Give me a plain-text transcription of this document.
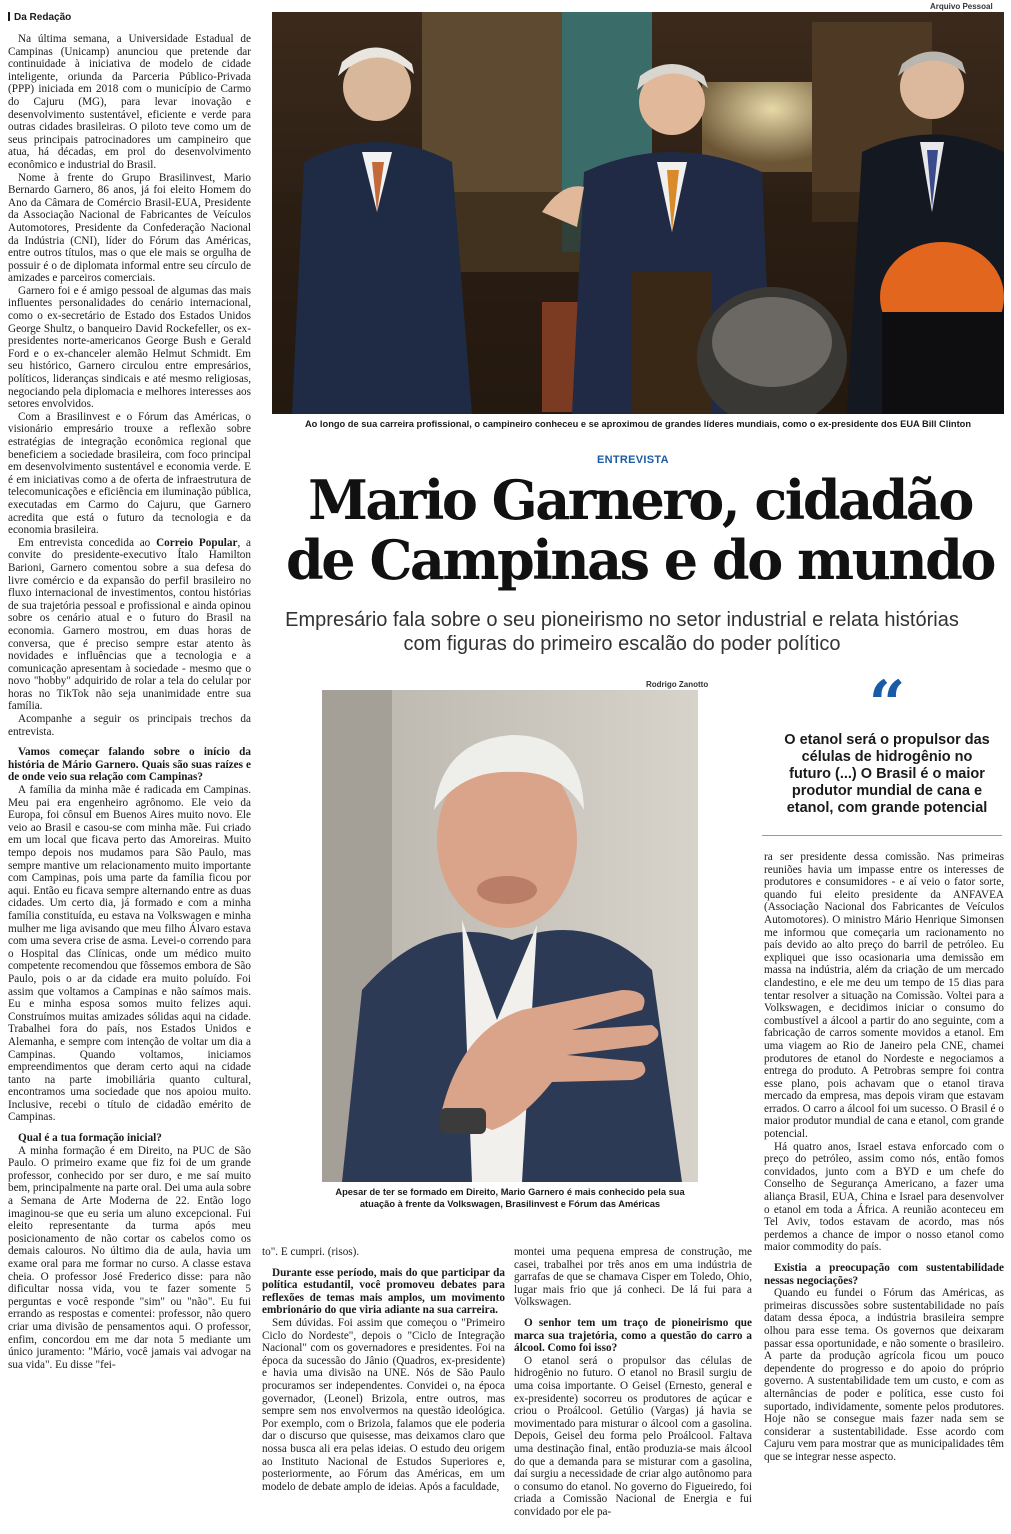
Da Redação
Arquivo Pessoal
Ao longo de sua carreira profissional, o campineiro conheceu e se aproximou de grandes líderes mundiais, como o ex-presidente dos EUA Bill Clinton
ENTREVISTA
Mario Garnero, cidadão de Campinas e do mundo
Empresário fala sobre o seu pioneirismo no setor industrial e relata histórias com figuras do primeiro escalão do poder político
Rodrigo Zanotto
Apesar de ter se formado em Direito, Mario Garnero é mais conhecido pela sua atuação à frente da Volkswagen, Brasilinvest e Fórum das Américas
“
O etanol será o propulsor das células de hidrogênio no futuro (...) O Brasil é o maior produtor mundial de cana e etanol, com grande potencial

Na última semana, a Universidade Estadual de Campinas (Unicamp) anunciou que pretende dar continuidade à iniciativa de modelo de cidade inteligente, oriunda da Parceria Público-Privada (PPP) iniciada em 2018 com o município de Carmo do Cajuru (MG), para levar inovação e desenvolvimento sustentável, eficiente e verde para outras cidades brasileiras. O piloto teve como um de seus principais patrocinadores um campineiro que atua, há décadas, em prol do desenvolvimento econômico e industrial do Brasil.

Nome à frente do Grupo Brasilinvest, Mario Bernardo Garnero, 86 anos, já foi eleito Homem do Ano da Câmara de Comércio Brasil-EUA, Presidente da Associação Nacional de Fabricantes de Veículos Automotores, Presidente da Confederação Nacional da Indústria (CNI), líder do Fórum das Américas, entre outros títulos, mas o que ele mais se orgulha de possuir é o de diplomata informal entre seu círculo de amizades e parceiros comerciais.

Garnero foi e é amigo pessoal de algumas das mais influentes personalidades do cenário internacional, como o ex-secretário de Estado dos Estados Unidos George Shultz, o banqueiro David Rockefeller, os ex-presidentes norte-americanos George Bush e Gerald Ford e o ex-chanceler alemão Helmut Schmidt. Em seu histórico, Garnero circulou entre empresários, políticos, lideranças sindicais e até mesmo religiosas, negociando pela diplomacia e melhores interesses aos setores envolvidos.

Com a Brasilinvest e o Fórum das Américas, o visionário empresário trouxe a reflexão sobre estratégias de integração econômica regional que beneficiem a sociedade brasileira, com foco principal em desenvolvimento sustentável e economia verde. E é em iniciativas como a de oferta de infraestrutura de telecomunicações e eficiência em iluminação pública, executadas em Carmo do Cajuru, que Garnero acredita que está o futuro da tecnologia e da economia brasileira.

Em entrevista concedida ao Correio Popular, a convite do presidente-executivo Ítalo Hamilton Barioni, Garnero comentou sobre a sua defesa do livre comércio e da expansão do perfil brasileiro no fluxo internacional de investimentos, contou histórias de sua trajetória pessoal e profissional e ainda opinou sobre os cenário atual e o futuro do Brasil na economia. Garnero mostrou, em duas horas de conversa, que é preciso sempre estar atento às novidades e influências que a tecnologia e a comunicação apresentam à sociedade - mesmo que o novo "hobby" adquirido de rolar a tela do celular por horas no TikTok não seja unanimidade entre sua família.

Acompanhe a seguir os principais trechos da entrevista.

Vamos começar falando sobre o início da história de Mário Garnero. Quais são suas raízes e de onde veio sua relação com Campinas?

A família da minha mãe é radicada em Campinas. Meu pai era engenheiro agrônomo. Ele veio da Europa, foi cônsul em Buenos Aires muito novo. Ele veio ao Brasil e casou-se com minha mãe. Fui criado em um local que ficava perto das Amoreiras. Muito tempo depois nos mudamos para São Paulo, mas sempre mantive um relacionamento muito importante com Campinas, pois uma parte da família ficou por aqui. Então eu ficava sempre alternando entre as duas cidades. Um certo dia, já formado e com a minha família constituída, eu estava na Volkswagen e minha mulher me liga avisando que meu filho Álvaro estava com uma severa crise de asma. Levei-o correndo para o Hospital das Clínicas, onde um médico muito competente recomendou que fôssemos embora de São Paulo, pois o ar da cidade era muito poluído. Foi assim que voltamos a Campinas e não saímos mais. Eu e minha esposa somos muito felizes aqui. Construímos muitas amizades sólidas aqui na cidade. Trabalhei fora do país, nos Estados Unidos e Alemanha, e sempre com intenção de voltar um dia a Campinas. Quando voltamos, iniciamos empreendimentos que deram certo aqui na cidade tanto na parte imobiliária quanto cultural, encontramos uma sociedade que nos apoiou muito. Inclusive, recebi o título de cidadão emérito de Campinas.

Qual é a tua formação inicial?

A minha formação é em Direito, na PUC de São Paulo. O primeiro exame que fiz foi de um grande professor, conhecido por ser duro, e me saí muito bem, principalmente na parte oral. Dei uma aula sobre a Semana de Arte Moderna de 22. Então logo imaginou-se que eu seria um aluno excepcional. Fui eleito representante da turma após meu posicionamento de não cortar os cabelos como os demais calouros. No último dia de aula, havia um exame oral para me formar no curso. A classe estava cheia. O professor José Frederico disse: para não dificultar nossa vida, vou te fazer somente 5 perguntas e você responde "sim" ou "não". Eu fui errando as respostas e comentei: professor, não quero criar uma divisão de pensamentos aqui. O professor, enfim, concordou em me dar nota 5 mediante um único juramento: "Mário, você jamais vai advogar na sua vida". Eu disse "fei-

to". E cumpri. (risos).

Durante esse período, mais do que participar da política estudantil, você promoveu debates para reflexões de temas mais amplos, um movimento embrionário do que viria adiante na sua carreira.

Sem dúvidas. Foi assim que começou o "Primeiro Ciclo do Nordeste", depois o "Ciclo de Integração Nacional" com os governadores e presidentes. Foi na época da sucessão do Jânio (Quadros, ex-presidente) e havia uma divisão na UNE. Nós de São Paulo procuramos ser independentes. Convidei o, na época governador, (Leonel) Brizola, entre outros, mas sempre sem nos envolvermos na questão ideológica. Por exemplo, com o Brizola, falamos que ele poderia dar o discurso que quisesse, mas deixamos claro que nossa busca ali era pelas ideias. O estudo deu origem ao Instituto Nacional de Estudos Superiores e, posteriormente, ao Fórum das Américas, em um modelo de debate amplo de ideias. Após a faculdade,

montei uma pequena empresa de construção, me casei, trabalhei por três anos em uma indústria de garrafas de que se chamava Cisper em Toledo, Ohio, lugar mais frio que já conheci. De lá fui para a Volkswagen.

O senhor tem um traço de pioneirismo que marca sua trajetória, como a questão do carro a álcool. Como foi isso?

O etanol será o propulsor das células de hidrogênio no futuro. O etanol no Brasil surgiu de uma coisa importante. O Geisel (Ernesto, general e ex-presidente) socorreu os produtores de açúcar e criou o Proálcool. Getúlio (Vargas) já havia se movimentado para misturar o álcool com a gasolina. Depois, Geisel deu forma pelo Proálcool. Faltava uma destinação final, então produzia-se mais álcool do que a demanda para se misturar com a gasolina, daí surgiu a necessidade de criar algo autônomo para o consumo do etanol. No governo do Figueiredo, foi criada a Comissão Nacional de Energia e fui convidado por ele pa-

ra ser presidente dessa comissão. Nas primeiras reuniões havia um impasse entre os interesses de produtores e consumidores - e aí veio o fator sorte, quando fui eleito presidente da ANFAVEA (Associação Nacional dos Fabricantes de Veículos Automotores). O ministro Mário Henrique Simonsen me informou que começaria um racionamento no país devido ao alto preço do barril de petróleo. Eu expliquei que isso ocasionaria uma demissão em massa na indústria, além da criação de um mercado clandestino, e ele me deu um tempo de 15 dias para tentar resolver a situação na Comissão. Voltei para a Volkswagen, e decidimos iniciar o consumo do combustível a álcool a partir do ano seguinte, com a fabricação de carros somente movidos a etanol. Em uma viagem ao Rio de Janeiro pela CNE, chamei produtores de etanol do Nordeste e negociamos a entrega do produto. A Petrobras sempre foi contra esse plano, pois achavam que o etanol tirava mercado da empresa, mas depois viram que estavam errados. O carro a álcool foi um sucesso. O Brasil é o maior produtor mundial de cana e etanol, com grande potencial.

Há quatro anos, Israel estava enforcado com o preço do petróleo, assim como nós, então fomos convidados, junto com a BYD e um chefe do Conselho de Segurança Americano, a fazer uma aliança Brasil, EUA, China e Israel para desenvolver o etanol em toda a África. A reunião aconteceu em Tel Aviv, todos estavam de acordo, mas nós perdemos a chance de impor o nosso etanol como maior commodity do país.

Existia a preocupação com sustentabilidade nessas negociações?

Quando eu fundei o Fórum das Américas, as primeiras discussões sobre sustentabilidade no país datam dessa época, a indústria brasileira sempre olhou para esse tema. Os governos que deixaram passar essa oportunidade, e não somente o brasileiro. A parte da produção agrícola ficou um pouco dependente do progresso e do apoio do próprio governo. A sustentabilidade tem um custo, e com as alternâncias de poder e política, esse custo foi suportado, individamente, somente pelos produtores. Hoje não se consegue mais fazer nada sem se considerar a sustentabilidade. Esse acordo com Cajuru vem para mostrar que as municipalidades têm que se integrar nesse aspecto.
